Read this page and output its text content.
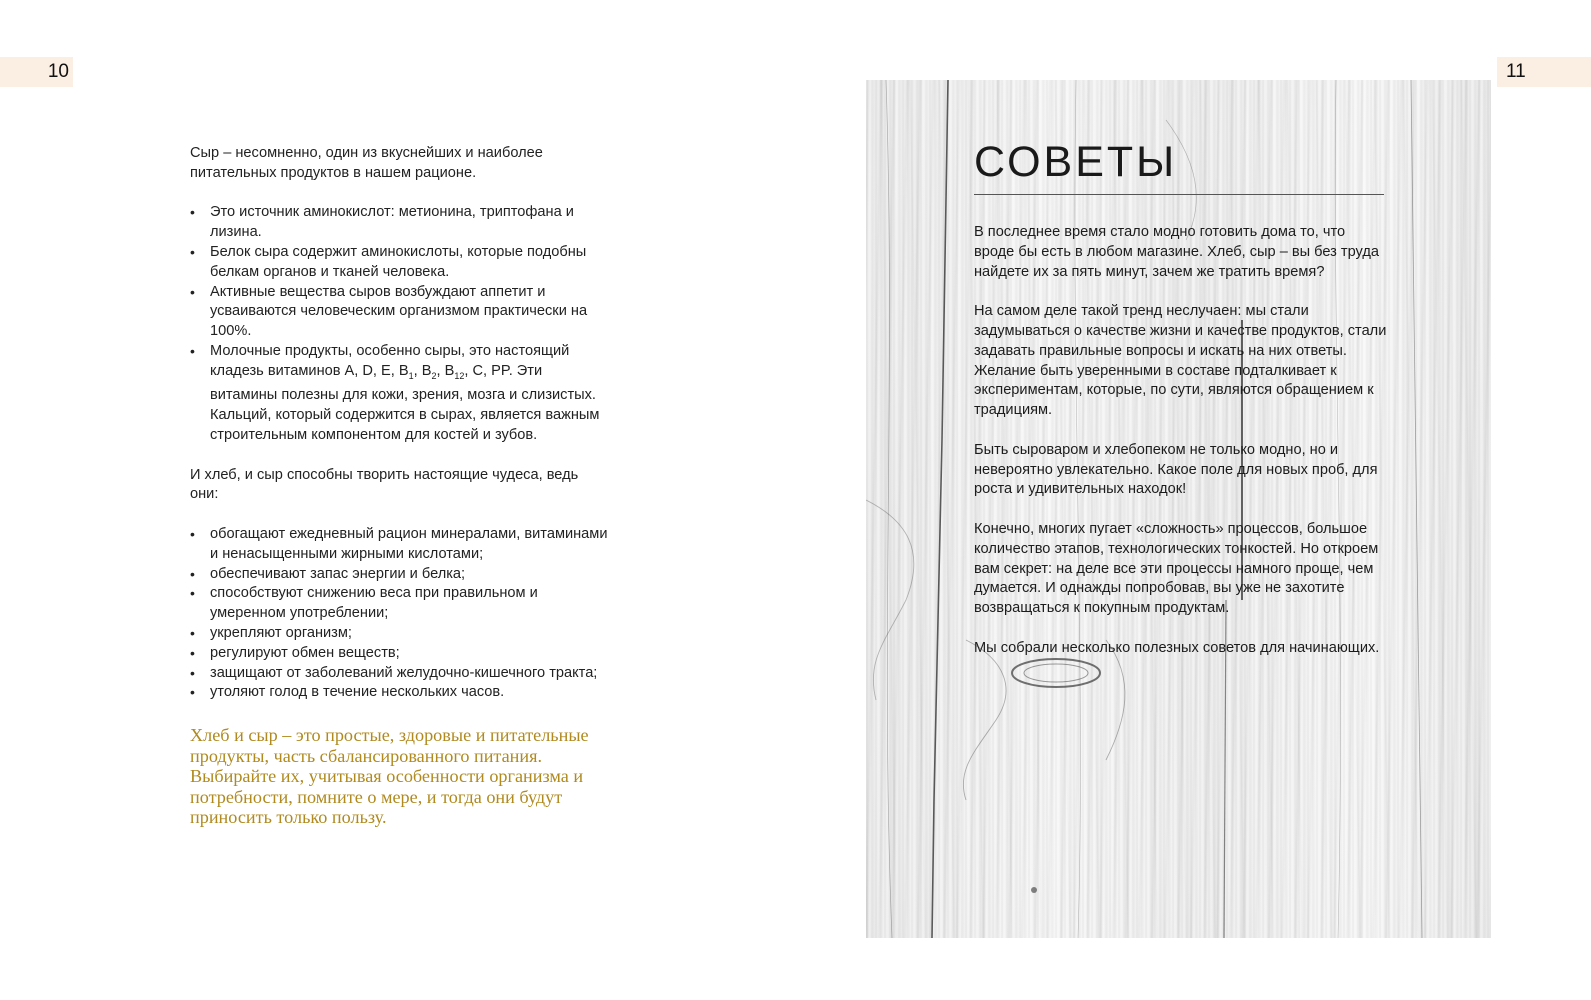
10	11

Сыр – несомненно, один из вкуснейших и наиболее питательных продуктов в нашем рационе.

• Это источник аминокислот: метионина, триптофана и лизина.
• Белок сыра содержит аминокислоты, которые подобны белкам органов и тканей человека.
• Активные вещества сыров возбуждают аппетит и усваиваются человеческим организмом практически на 100%.
• Молочные продукты, особенно сыры, это настоящий кладезь витаминов A, D, E, $B_1$, $B_2$, $B_{12}$, C, PP. Эти витамины полезны для кожи, зрения, мозга и слизистых. Кальций, который содержится в сырах, является важным строительным компонентом для костей и зубов.

И хлеб, и сыр способны творить настоящие чудеса, ведь они:

• обогащают ежедневный рацион минералами, витаминами и ненасыщенными жирными кислотами;
• обеспечивают запас энергии и белка;
• способствуют снижению веса при правильном и умеренном употреблении;
• укрепляют организм;
• регулируют обмен веществ;
• защищают от заболеваний желудочно-кишечного тракта;
• утоляют голод в течение нескольких часов.

Хлеб и сыр – это простые, здоровые и питательные продукты, часть сбалансированного питания. Выбирайте их, учитывая особенности организма и потребности, помните о мере, и тогда они будут приносить только пользу.

СОВЕТЫ

В последнее время стало модно готовить дома то, что вроде бы есть в любом магазине. Хлеб, сыр – вы без труда найдете их за пять минут, зачем же тратить время?

На самом деле такой тренд неслучаен: мы стали задумываться о качестве жизни и качестве продуктов, стали задавать правильные вопросы и искать на них ответы. Желание быть уверенными в составе подталкивает к экспериментам, которые, по сути, являются обращением к традициям.

Быть сыроваром и хлебопеком не только модно, но и невероятно увлекательно. Какое поле для новых проб, для роста и удивительных находок!

Конечно, многих пугает «сложность» процессов, большое количество этапов, технологических тонкостей. Но откроем вам секрет: на деле все эти процессы намного проще, чем думается. И однажды попробовав, вы уже не захотите возвращаться к покупным продуктам.

Мы собрали несколько полезных советов для начинающих.
